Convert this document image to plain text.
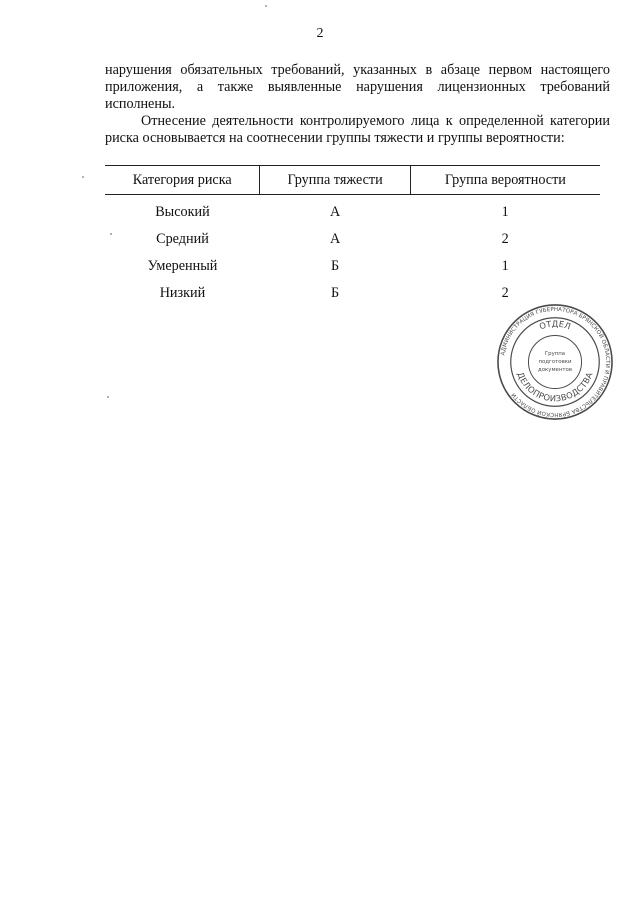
2
нарушения обязательных требований, указанных в абзаце первом настоящего приложения, а также выявленные нарушения лицензионных требований исполнены.
Отнесение деятельности контролируемого лица к определенной категории риска основывается на соотнесении группы тяжести и группы вероятности:
Категория риска	Группа тяжести	Группа вероятности
Высокий	А	1
Средний	А	2
Умеренный	Б	1
Низкий	Б	2
АДМИНИСТРАЦИЯ ГУБЕРНАТОРА БРЯНСКОЙ ОБЛАСТИ И ПРАВИТЕЛЬСТВА БРЯНСКОЙ ОБЛАСТИ
ОТДЕЛ
ДЕЛОПРОИЗВОДСТВА
Группа
подготовки
документов
